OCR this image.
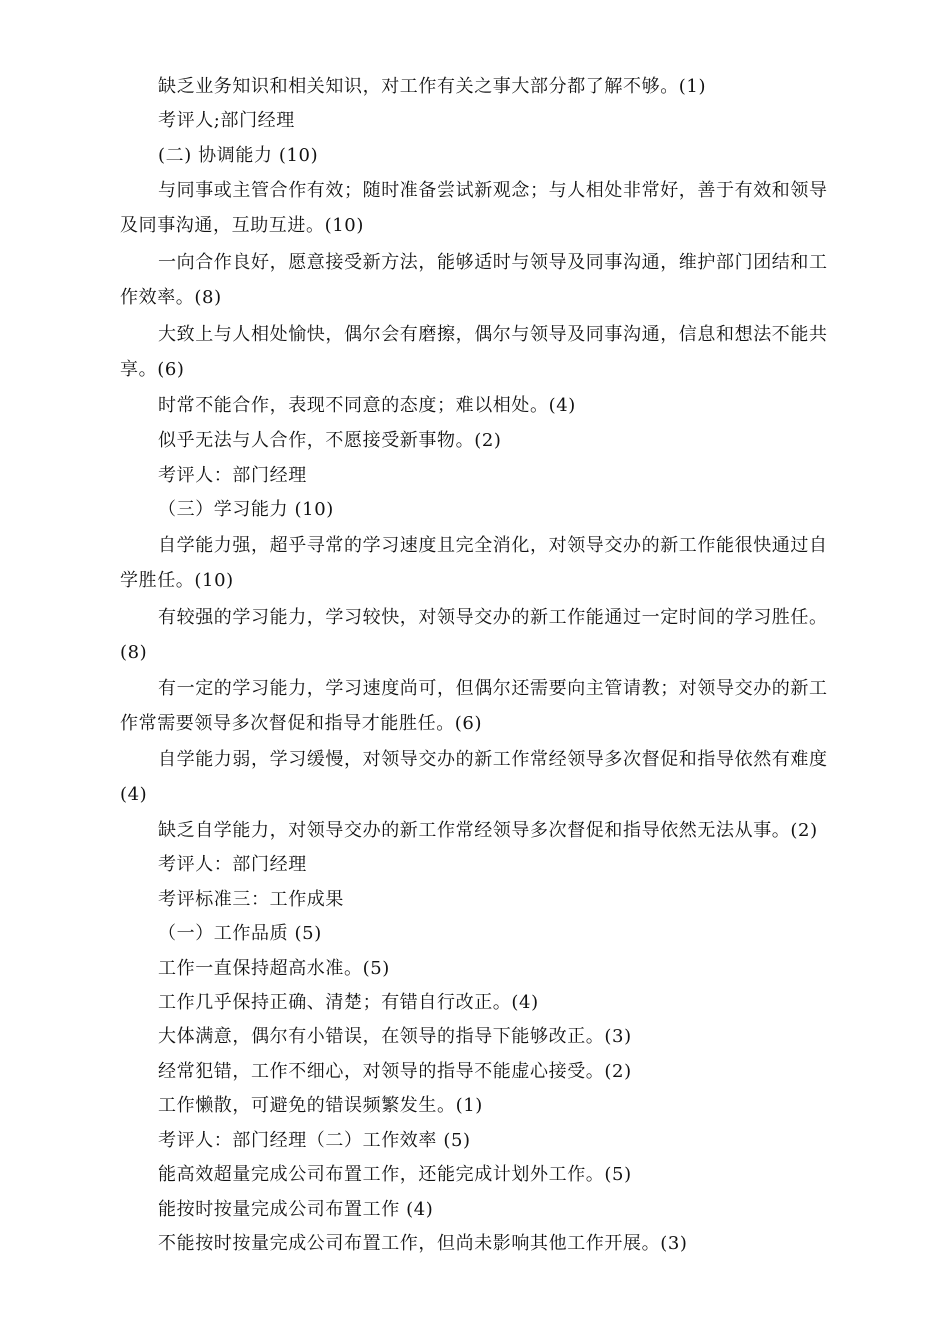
缺乏业务知识和相关知识，对工作有关之事大部分都了解不够。(1)
考评人;部门经理
(二) 协调能力 (10)
与同事或主管合作有效；随时准备尝试新观念；与人相处非常好，善于有效和领导
及同事沟通，互助互进。(10)
一向合作良好，愿意接受新方法，能够适时与领导及同事沟通，维护部门团结和工
作效率。(8)
大致上与人相处愉快，偶尔会有磨擦，偶尔与领导及同事沟通，信息和想法不能共
享。(6)
时常不能合作，表现不同意的态度；难以相处。(4)
似乎无法与人合作，不愿接受新事物。(2)
考评人：部门经理
（三）学习能力 (10)
自学能力强，超乎寻常的学习速度且完全消化，对领导交办的新工作能很快通过自
学胜任。(10)
有较强的学习能力，学习较快，对领导交办的新工作能通过一定时间的学习胜任。
(8)
有一定的学习能力，学习速度尚可，但偶尔还需要向主管请教；对领导交办的新工
作常需要领导多次督促和指导才能胜任。(6)
自学能力弱，学习缓慢，对领导交办的新工作常经领导多次督促和指导依然有难度
(4)
缺乏自学能力，对领导交办的新工作常经领导多次督促和指导依然无法从事。(2)
考评人：部门经理
考评标准三：工作成果
（一）工作品质 (5)
工作一直保持超高水准。(5)
工作几乎保持正确、清楚；有错自行改正。(4)
大体满意，偶尔有小错误，在领导的指导下能够改正。(3)
经常犯错，工作不细心，对领导的指导不能虚心接受。(2)
工作懒散，可避免的错误频繁发生。(1)
考评人：部门经理（二）工作效率 (5)
能高效超量完成公司布置工作，还能完成计划外工作。(5)
能按时按量完成公司布置工作 (4)
不能按时按量完成公司布置工作，但尚未影响其他工作开展。(3)
